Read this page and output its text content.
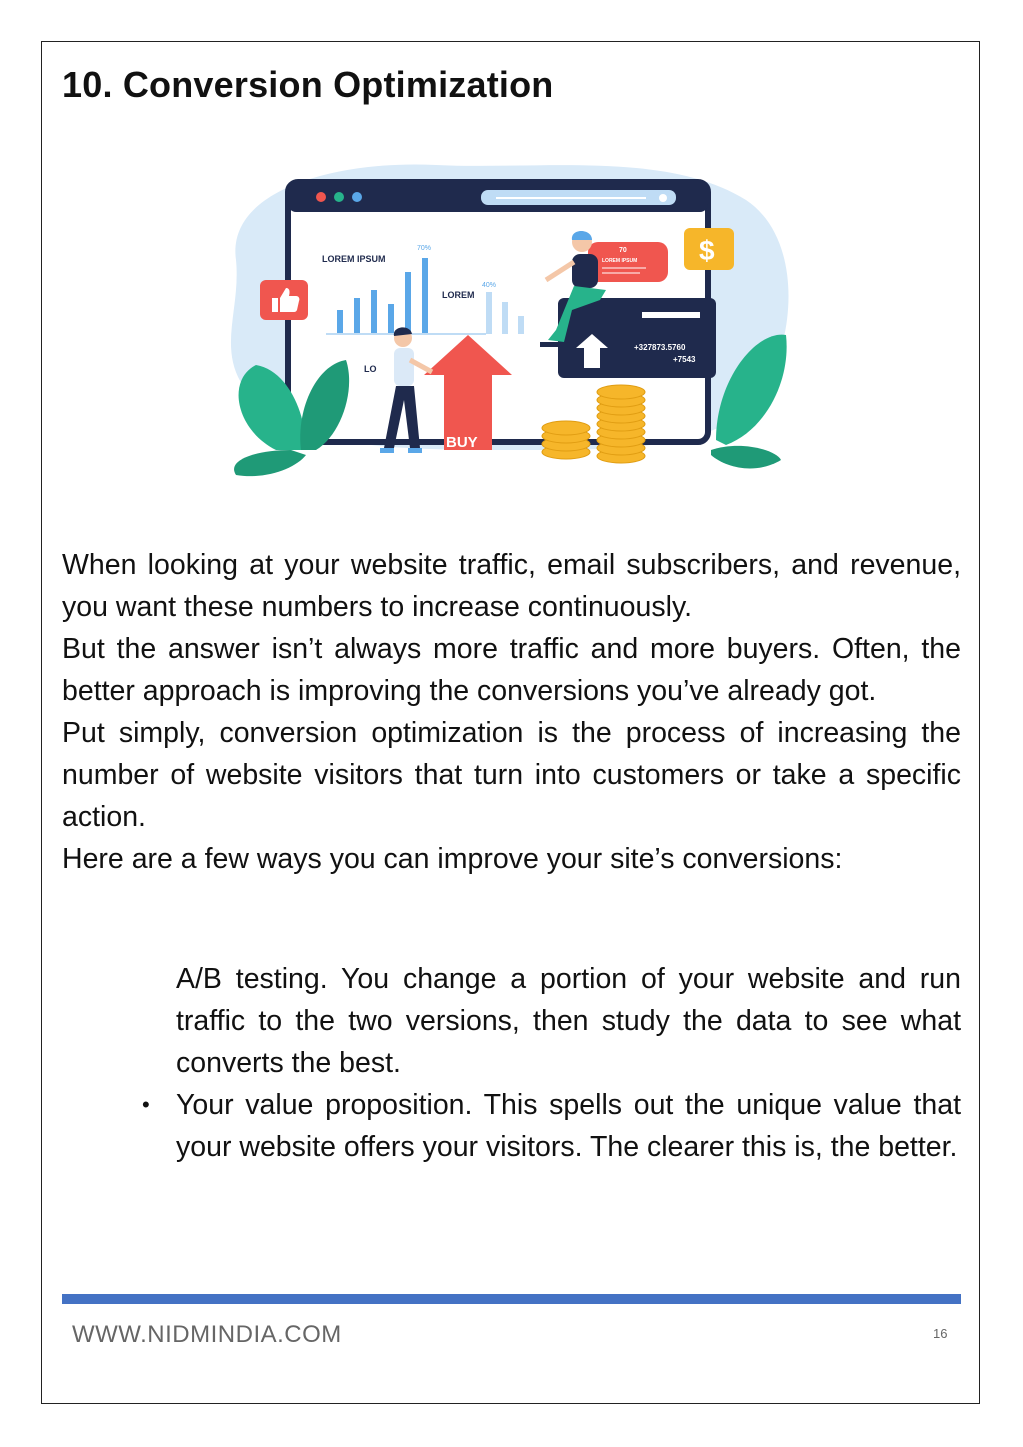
10. Conversion Optimization
LOREM IPSUM
70%
LOREM
40%
LO
BUY
70
LOREM IPSUM $
+327873.5760
+7543

When looking at your website traffic, email subscribers, and revenue, you want these numbers to increase continuously.

But the answer isn’t always more traffic and more buyers. Often, the better approach is improving the conversions you’ve already got.

Put simply, conversion optimization is the process of increasing the number of website visitors that turn into customers or take a specific action.

Here are a few ways you can improve your site’s conversions:

A/B testing. You change a portion of your website and run traffic to the two versions, then study the data to see what converts the best.
• Your value proposition. This spells out the unique value that your website offers your visitors. The clearer this is, the better.
WWW.NIDMINDIA.COM	16
